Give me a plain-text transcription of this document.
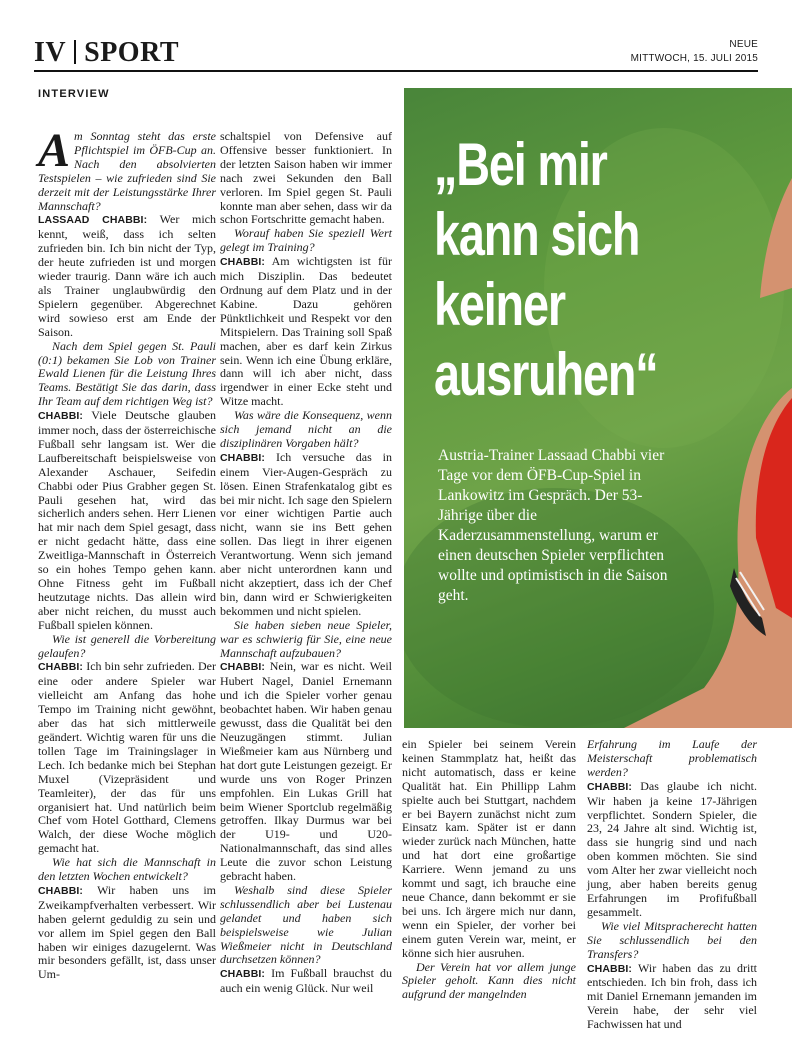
IV SPORT	NEUE
MITTWOCH, 15. JULI 2015
INTERVIEW
„Bei mir
kann sich
keiner
ausruhen“
Austria-Trainer Lassaad Chabbi vier Tage vor dem ÖFB-Cup-Spiel in Lankowitz im Gespräch. Der 53-Jährige über die Kaderzusammenstellung, warum er einen deutschen Spieler verpflichten wollte und optimistisch in die Saison geht.

Am Sonntag steht das erste Pflichtspiel im ÖFB-Cup an. Nach den absolvierten Testspielen – wie zufrieden sind Sie derzeit mit der Leistungsstärke Ihrer Mannschaft?

LASSAAD CHABBI: Wer mich kennt, weiß, dass ich selten zufrieden bin. Ich bin nicht der Typ, der heute zufrieden ist und morgen wieder traurig. Dann wäre ich auch als Trainer unglaubwürdig den Spielern gegenüber. Abgerechnet wird sowieso erst am Ende der Saison.

Nach dem Spiel gegen St. Pauli (0:1) bekamen Sie Lob von Trainer Ewald Lienen für die Leistung Ihres Teams. Bestätigt Sie das darin, dass Ihr Team auf dem richtigen Weg ist?

CHABBI: Viele Deutsche glauben immer noch, dass der österreichische Fußball sehr langsam ist. Wer die Laufbereitschaft beispielsweise von Alexander Aschauer, Seifedin Chabbi oder Pius Grabher gegen St. Pauli gesehen hat, wird das sicherlich anders sehen. Herr Lienen hat mir nach dem Spiel gesagt, dass er nicht gedacht hätte, dass eine Zweitliga-Mannschaft in Österreich so ein hohes Tempo gehen kann. Ohne Fitness geht im Fußball heutzutage nichts. Das allein wird aber nicht reichen, du musst auch Fußball spielen können.

Wie ist generell die Vorbereitung gelaufen?

CHABBI: Ich bin sehr zufrieden. Der eine oder andere Spieler war vielleicht am Anfang das hohe Tempo im Training nicht gewöhnt, aber das hat sich mittlerweile geändert. Wichtig waren für uns die tollen Tage im Trainingslager in Lech. Ich bedanke mich bei Stephan Muxel (Vizepräsident und Teamleiter), der das für uns organisiert hat. Und natürlich beim Chef vom Hotel Gotthard, Clemens Walch, der diese Woche möglich gemacht hat.

Wie hat sich die Mannschaft in den letzten Wochen entwickelt?

CHABBI: Wir haben uns im Zweikampfverhalten verbessert. Wir haben gelernt geduldig zu sein und vor allem im Spiel gegen den Ball haben wir einiges dazugelernt. Was mir besonders gefällt, ist, dass unser Um-

schaltspiel von Defensive auf Offensive besser funktioniert. In der letzten Saison haben wir immer nach zwei Sekunden den Ball verloren. Im Spiel gegen St. Pauli konnte man aber sehen, dass wir da schon Fortschritte gemacht haben.

Worauf haben Sie speziell Wert gelegt im Training?

CHABBI: Am wichtigsten ist für mich Disziplin. Das bedeutet Ordnung auf dem Platz und in der Kabine. Dazu gehören Pünktlichkeit und Respekt vor den Mitspielern. Das Training soll Spaß machen, aber es darf kein Zirkus sein. Wenn ich eine Übung erkläre, dann will ich aber nicht, dass irgendwer in einer Ecke steht und Witze macht.

Was wäre die Konsequenz, wenn sich jemand nicht an die disziplinären Vorgaben hält?

CHABBI: Ich versuche das in einem Vier-Augen-Gespräch zu lösen. Einen Strafenkatalog gibt es bei mir nicht. Ich sage den Spielern vor einer wichtigen Partie auch nicht, wann sie ins Bett gehen sollen. Das liegt in ihrer eigenen Verantwortung. Wenn sich jemand aber nicht unterordnen kann und nicht akzeptiert, dass ich der Chef bin, dann wird er Schwierigkeiten bekommen und nicht spielen.

Sie haben sieben neue Spieler, war es schwierig für Sie, eine neue Mannschaft aufzubauen?

CHABBI: Nein, war es nicht. Weil Hubert Nagel, Daniel Ernemann und ich die Spieler vorher genau beobachtet haben. Wir haben genau gewusst, dass die Qualität bei den Neuzugängen stimmt. Julian Wießmeier kam aus Nürnberg und hat dort gute Leistungen gezeigt. Er wurde uns von Roger Prinzen empfohlen. Ein Lukas Grill hat beim Wiener Sportclub regelmäßig getroffen. Ilkay Durmus war bei der U19- und U20-Nationalmannschaft, das sind alles Leute die zuvor schon Leistung gebracht haben.

Weshalb sind diese Spieler schlussendlich aber bei Lustenau gelandet und haben sich beispielsweise wie Julian Wießmeier nicht in Deutschland durchsetzen können?

CHABBI: Im Fußball brauchst du auch ein wenig Glück. Nur weil

ein Spieler bei seinem Verein keinen Stammplatz hat, heißt das nicht automatisch, dass er keine Qualität hat. Ein Phillipp Lahm spielte auch bei Stuttgart, nachdem er bei Bayern zunächst nicht zum Einsatz kam. Später ist er dann wieder zurück nach München, hatte und hat dort eine großartige Karriere. Wenn jemand zu uns kommt und sagt, ich brauche eine neue Chance, dann bekommt er sie bei uns. Ich ärgere mich nur dann, wenn ein Spieler, der vorher bei einem guten Verein war, meint, er könne sich hier ausruhen.

Der Verein hat vor allem junge Spieler geholt. Kann dies nicht aufgrund der mangelnden

Erfahrung im Laufe der Meisterschaft problematisch werden?

CHABBI: Das glaube ich nicht. Wir haben ja keine 17-Jährigen verpflichtet. Sondern Spieler, die 23, 24 Jahre alt sind. Wichtig ist, dass sie hungrig sind und nach oben kommen möchten. Sie sind vom Alter her zwar vielleicht noch jung, aber haben bereits genug Erfahrungen im Profifußball gesammelt.

Wie viel Mitspracherecht hatten Sie schlussendlich bei den Transfers?

CHABBI: Wir haben das zu dritt entschieden. Ich bin froh, dass ich mit Daniel Ernemann jemanden im Verein habe, der sehr viel Fachwissen hat und
